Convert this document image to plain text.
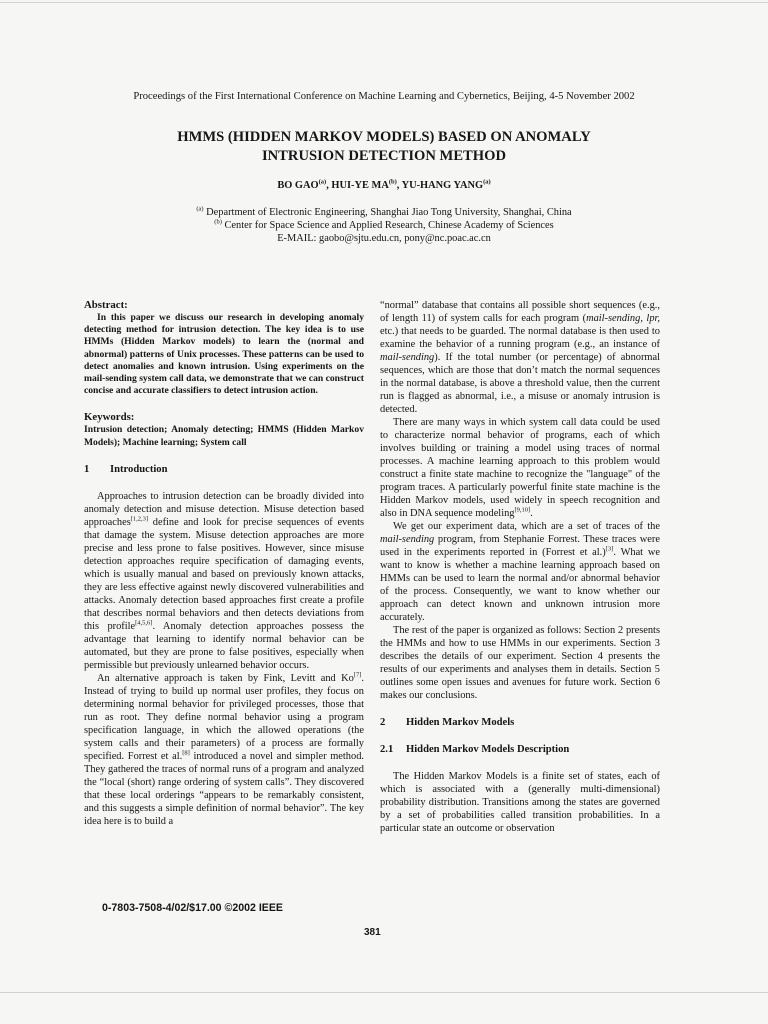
Proceedings of the First International Conference on Machine Learning and Cybernetics, Beijing, 4-5 November 2002
HMMS (HIDDEN MARKOV MODELS) BASED ON ANOMALY
INTRUSION DETECTION METHOD
BO GAO$^{(a)}$, HUI-YE MA$^{(b)}$, YU-HANG YANG$^{(a)}$
$^{(a)}$ Department of Electronic Engineering, Shanghai Jiao Tong University, Shanghai, China
$^{(b)}$ Center for Space Science and Applied Research, Chinese Academy of Sciences
E-MAIL: gaobo@sjtu.edu.cn, pony@nc.poac.ac.cn

Abstract:

In this paper we discuss our research in developing anomaly detecting method for intrusion detection. The key idea is to use HMMs (Hidden Markov models) to learn the (normal and abnormal) patterns of Unix processes. These patterns can be used to detect anomalies and known intrusion. Using experiments on the mail-sending system call data, we demonstrate that we can construct concise and accurate classifiers to detect intrusion action.

Keywords:

Intrusion detection; Anomaly detecting; HMMS (Hidden Markov Models); Machine learning; System call

1 Introduction

Approaches to intrusion detection can be broadly divided into anomaly detection and misuse detection. Misuse detection based approaches[1,2,3] define and look for precise sequences of events that damage the system. Misuse detection approaches are more precise and less prone to false positives. However, since misuse detection approaches require specification of damaging events, which is usually manual and based on previously known attacks, they are less effective against newly discovered vulnerabilities and attacks. Anomaly detection based approaches first create a profile that describes normal behaviors and then detects deviations from this profile[4,5,6]. Anomaly detection approaches possess the advantage that learning to identify normal behavior can be automated, but they are prone to false positives, especially when permissible but previously unlearned behavior occurs.

An alternative approach is taken by Fink, Levitt and Ko[7]. Instead of trying to build up normal user profiles, they focus on determining normal behavior for privileged processes, those that run as root. They define normal behavior using a program specification language, in which the allowed operations (the system calls and their parameters) of a process are formally specified. Forrest et al.[8] introduced a novel and simpler method. They gathered the traces of normal runs of a program and analyzed the “local (short) range ordering of system calls”. They discovered that these local orderings “appears to be remarkably consistent, and this suggests a simple definition of normal behavior”. The key idea here is to build a

“normal” database that contains all possible short sequences (e.g., of length 11) of system calls for each program (mail-sending, lpr, etc.) that needs to be guarded. The normal database is then used to examine the behavior of a running program (e.g., an instance of mail-sending). If the total number (or percentage) of abnormal sequences, which are those that don’t match the normal sequences in the normal database, is above a threshold value, then the current run is flagged as abnormal, i.e., a misuse or anomaly intrusion is detected.

There are many ways in which system call data could be used to characterize normal behavior of programs, each of which involves building or training a model using traces of normal processes. A machine learning approach to this problem would construct a finite state machine to recognize the "language" of the program traces. A particularly powerful finite state machine is the Hidden Markov models, used widely in speech recognition and also in DNA sequence modeling[9,10].

We get our experiment data, which are a set of traces of the mail-sending program, from Stephanie Forrest. These traces were used in the experiments reported in (Forrest et al.)[3]. What we want to know is whether a machine learning approach based on HMMs can be used to learn the normal and/or abnormal behavior of the process. Consequently, we want to know whether our approach can detect known and unknown intrusion more accurately.

The rest of the paper is organized as follows: Section 2 presents the HMMs and how to use HMMs in our experiments. Section 3 describes the details of our experiment. Section 4 presents the results of our experiments and analyses them in details. Section 5 outlines some open issues and avenues for future work. Section 6 makes our conclusions.

2 Hidden Markov Models

2.1 Hidden Markov Models Description

The Hidden Markov Models is a finite set of states, each of which is associated with a (generally multi-dimensional) probability distribution. Transitions among the states are governed by a set of probabilities called transition probabilities. In a particular state an outcome or observation

0-7803-7508-4/02/$17.00 ©2002 IEEE
381
